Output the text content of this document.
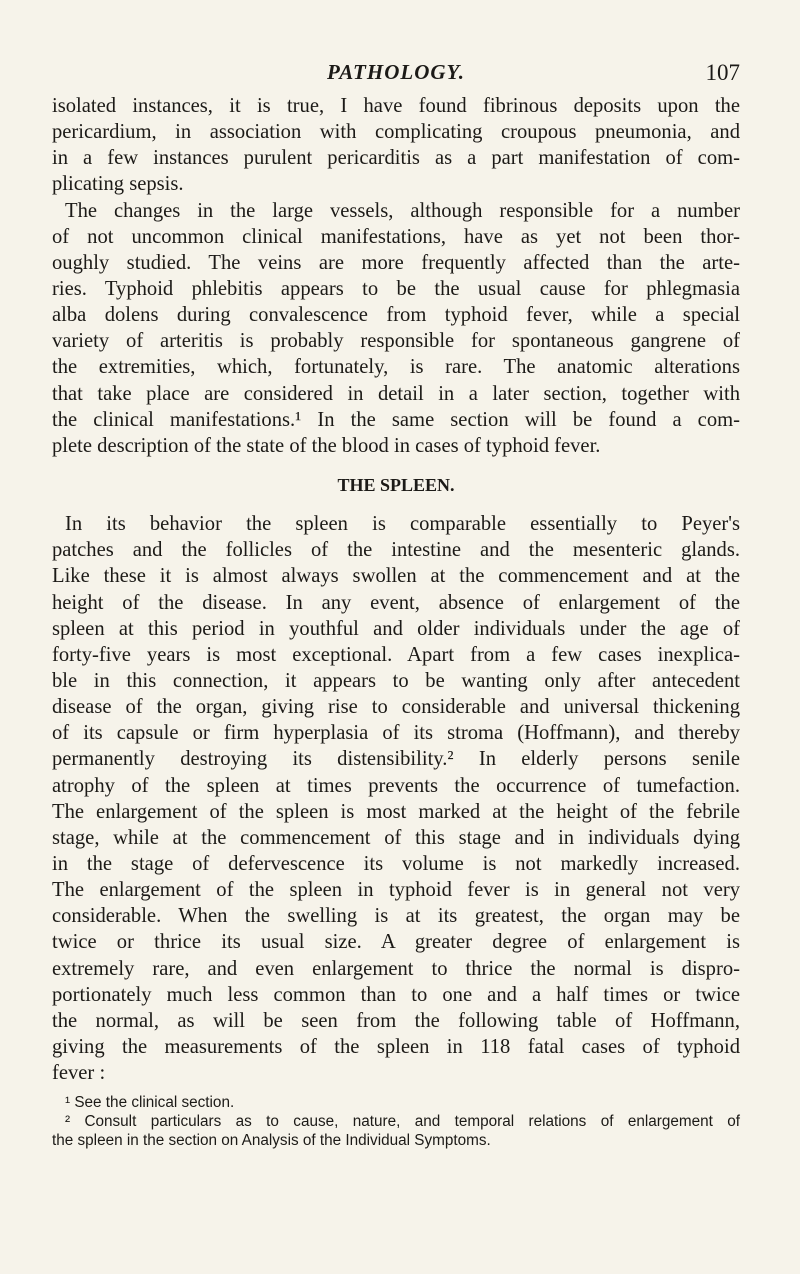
PATHOLOGY.	107
isolated instances, it is true, I have found fibrinous deposits upon the
pericardium, in association with complicating croupous pneumonia, and
in a few instances purulent pericarditis as a part manifestation of com-
plicating sepsis.
The changes in the large vessels, although responsible for a number
of not uncommon clinical manifestations, have as yet not been thor-
oughly studied. The veins are more frequently affected than the arte-
ries. Typhoid phlebitis appears to be the usual cause for phlegmasia
alba dolens during convalescence from typhoid fever, while a special
variety of arteritis is probably responsible for spontaneous gangrene of
the extremities, which, fortunately, is rare. The anatomic alterations
that take place are considered in detail in a later section, together with
the clinical manifestations.¹ In the same section will be found a com-
plete description of the state of the blood in cases of typhoid fever.
THE SPLEEN.
In its behavior the spleen is comparable essentially to Peyer's
patches and the follicles of the intestine and the mesenteric glands.
Like these it is almost always swollen at the commencement and at the
height of the disease. In any event, absence of enlargement of the
spleen at this period in youthful and older individuals under the age of
forty-five years is most exceptional. Apart from a few cases inexplica-
ble in this connection, it appears to be wanting only after antecedent
disease of the organ, giving rise to considerable and universal thickening
of its capsule or firm hyperplasia of its stroma (Hoffmann), and thereby
permanently destroying its distensibility.² In elderly persons senile
atrophy of the spleen at times prevents the occurrence of tumefaction.
The enlargement of the spleen is most marked at the height of the febrile
stage, while at the commencement of this stage and in individuals dying
in the stage of defervescence its volume is not markedly increased.
The enlargement of the spleen in typhoid fever is in general not very
considerable. When the swelling is at its greatest, the organ may be
twice or thrice its usual size. A greater degree of enlargement is
extremely rare, and even enlargement to thrice the normal is dispro-
portionately much less common than to one and a half times or twice
the normal, as will be seen from the following table of Hoffmann,
giving the measurements of the spleen in 118 fatal cases of typhoid
fever :
¹ See the clinical section.
² Consult particulars as to cause, nature, and temporal relations of enlargement of
the spleen in the section on Analysis of the Individual Symptoms.
